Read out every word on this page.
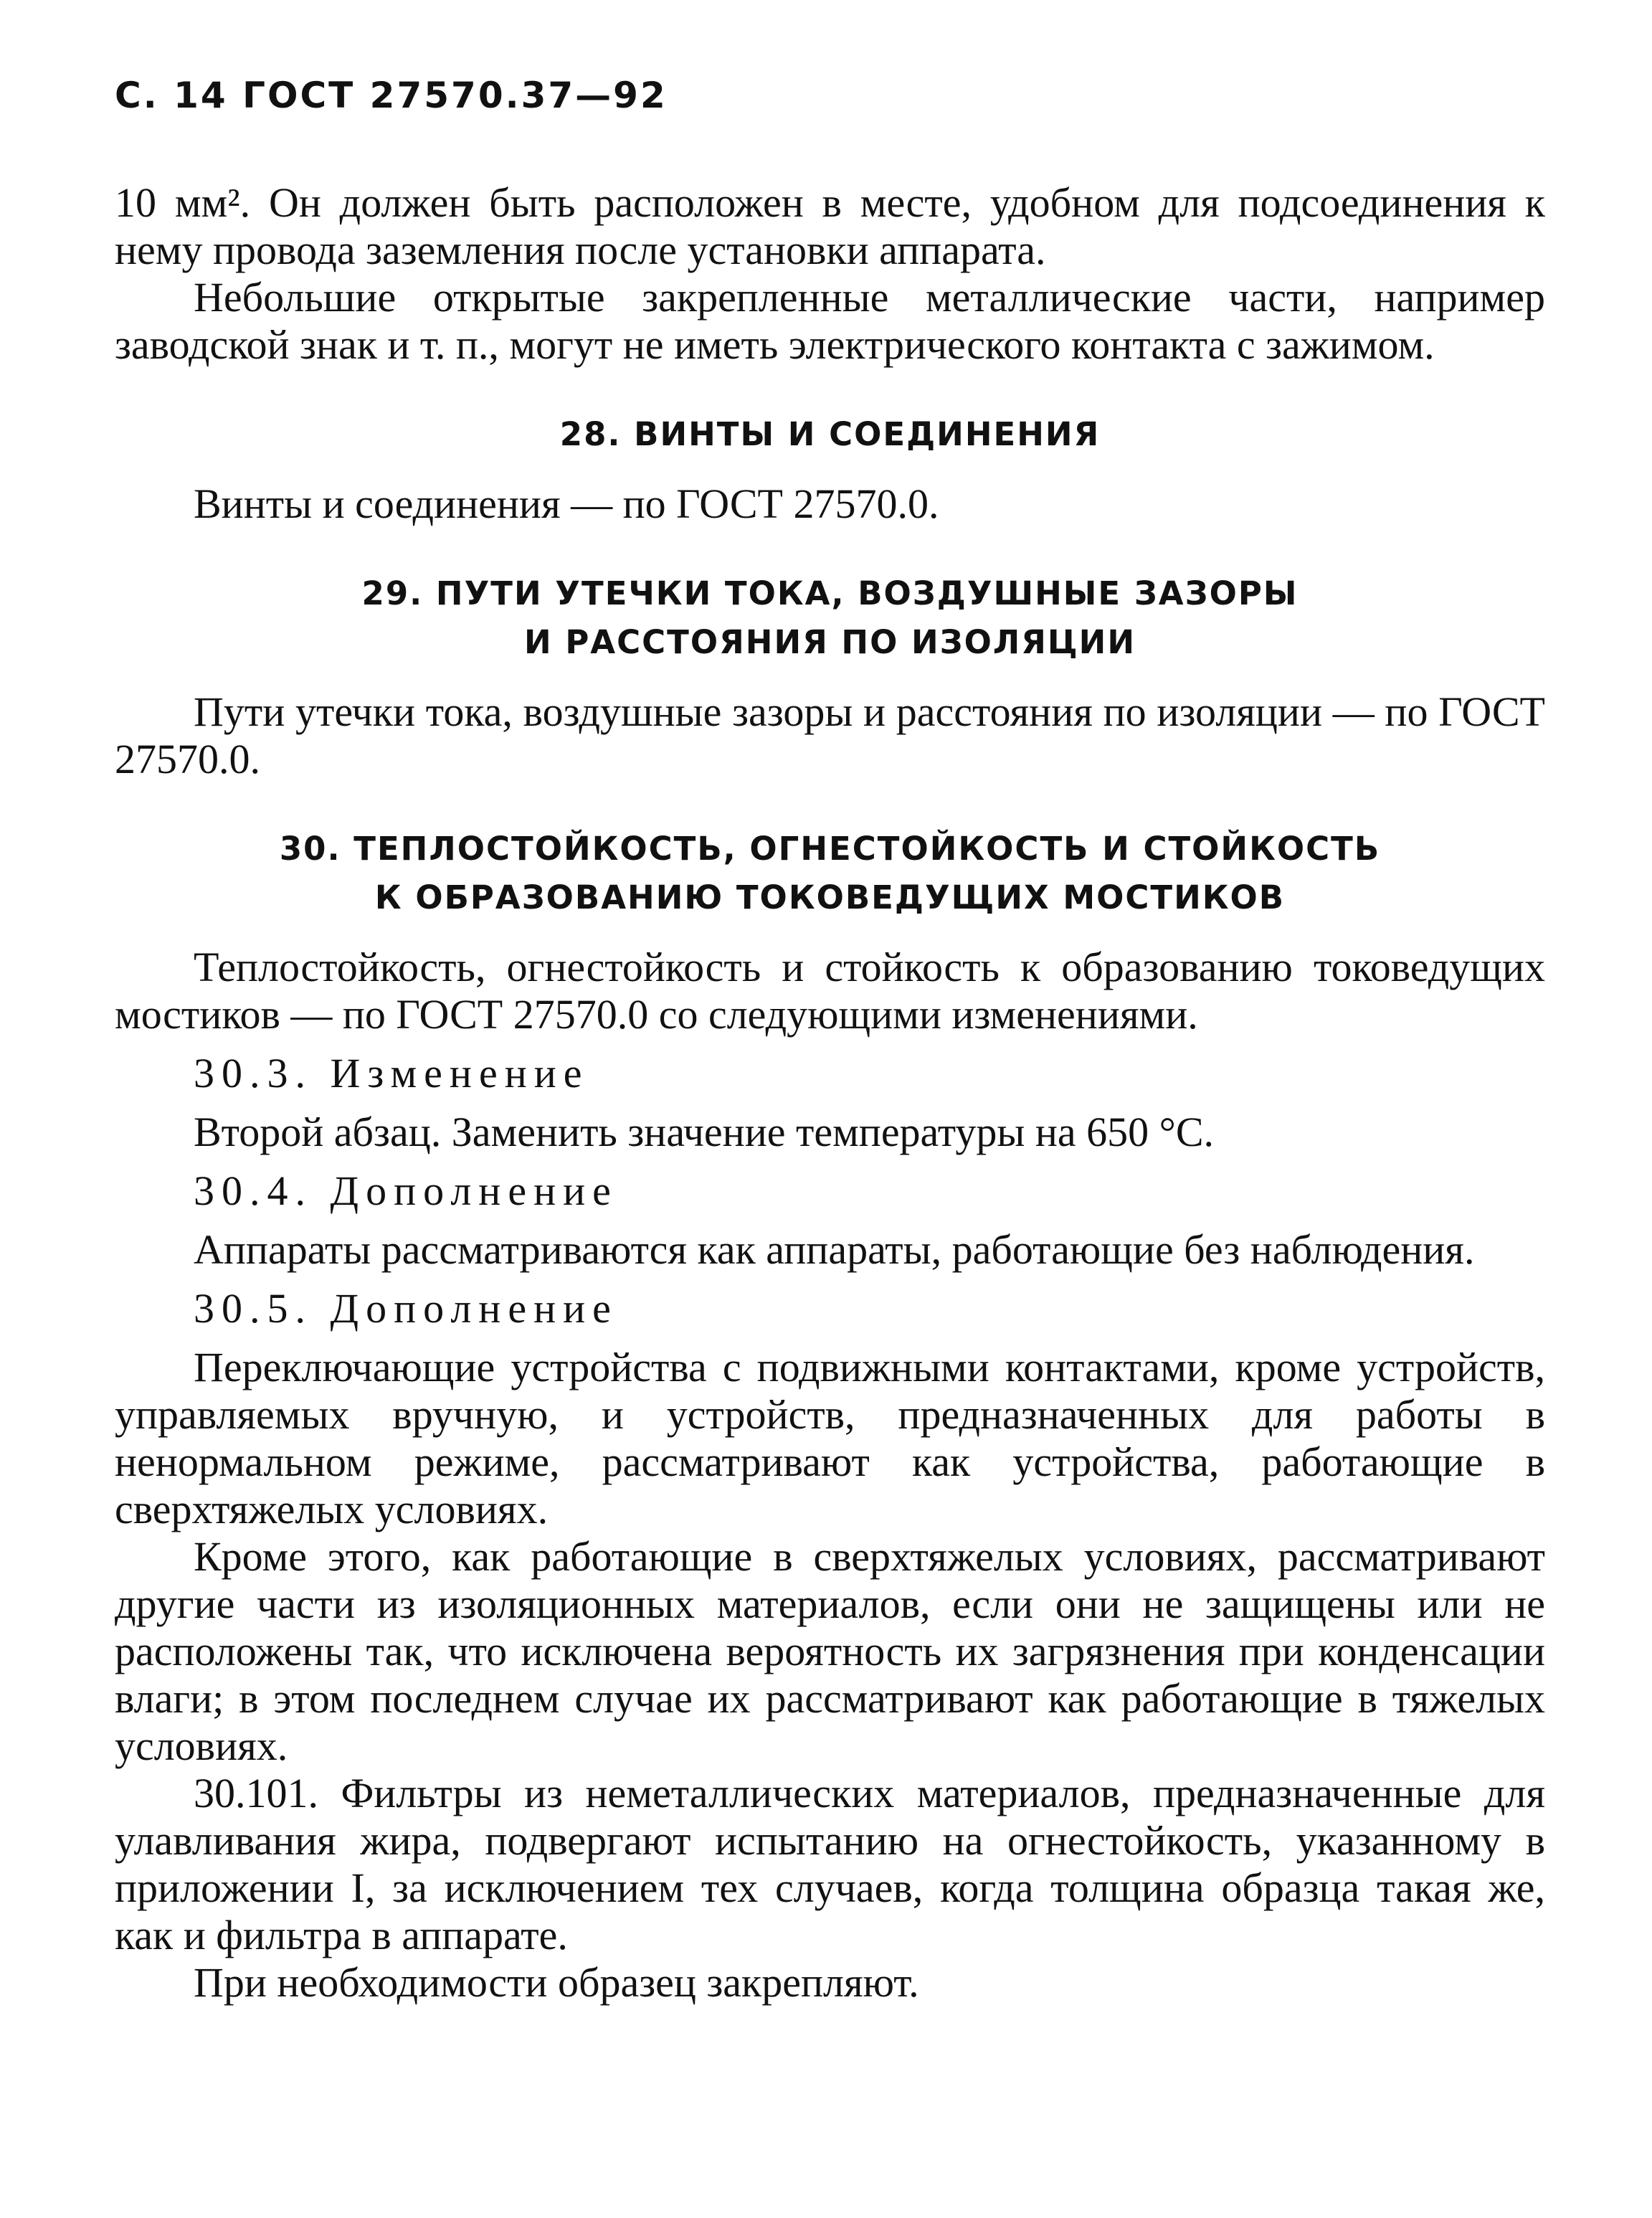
С. 14 ГОСТ 27570.37—92

10 мм². Он должен быть расположен в месте, удобном для подсоединения к нему провода заземления после установки аппарата.

Небольшие открытые закрепленные металлические части, например заводской знак и т. п., могут не иметь электрического контакта с зажимом.

28. ВИНТЫ И СОЕДИНЕНИЯ

Винты и соединения — по ГОСТ 27570.0.

29. ПУТИ УТЕЧКИ ТОКА, ВОЗДУШНЫЕ ЗАЗОРЫ
И РАССТОЯНИЯ ПО ИЗОЛЯЦИИ

Пути утечки тока, воздушные зазоры и расстояния по изоляции — по ГОСТ 27570.0.

30. ТЕПЛОСТОЙКОСТЬ, ОГНЕСТОЙКОСТЬ И СТОЙКОСТЬ
К ОБРАЗОВАНИЮ ТОКОВЕДУЩИХ МОСТИКОВ

Теплостойкость, огнестойкость и стойкость к образованию токоведущих мостиков — по ГОСТ 27570.0 со следующими изменениями.

30.3. Изменение

Второй абзац. Заменить значение температуры на 650 °С.

30.4. Дополнение

Аппараты рассматриваются как аппараты, работающие без наблюдения.

30.5. Дополнение

Переключающие устройства с подвижными контактами, кроме устройств, управляемых вручную, и устройств, предназначенных для работы в ненормальном режиме, рассматривают как устройства, работающие в сверхтяжелых условиях.

Кроме этого, как работающие в сверхтяжелых условиях, рассматривают другие части из изоляционных материалов, если они не защищены или не расположены так, что исключена вероятность их загрязнения при конденсации влаги; в этом последнем случае их рассматривают как работающие в тяжелых условиях.

30.101. Фильтры из неметаллических материалов, предназначенные для улавливания жира, подвергают испытанию на огнестойкость, указанному в приложении I, за исключением тех случаев, когда толщина образца такая же, как и фильтра в аппарате.

При необходимости образец закрепляют.
